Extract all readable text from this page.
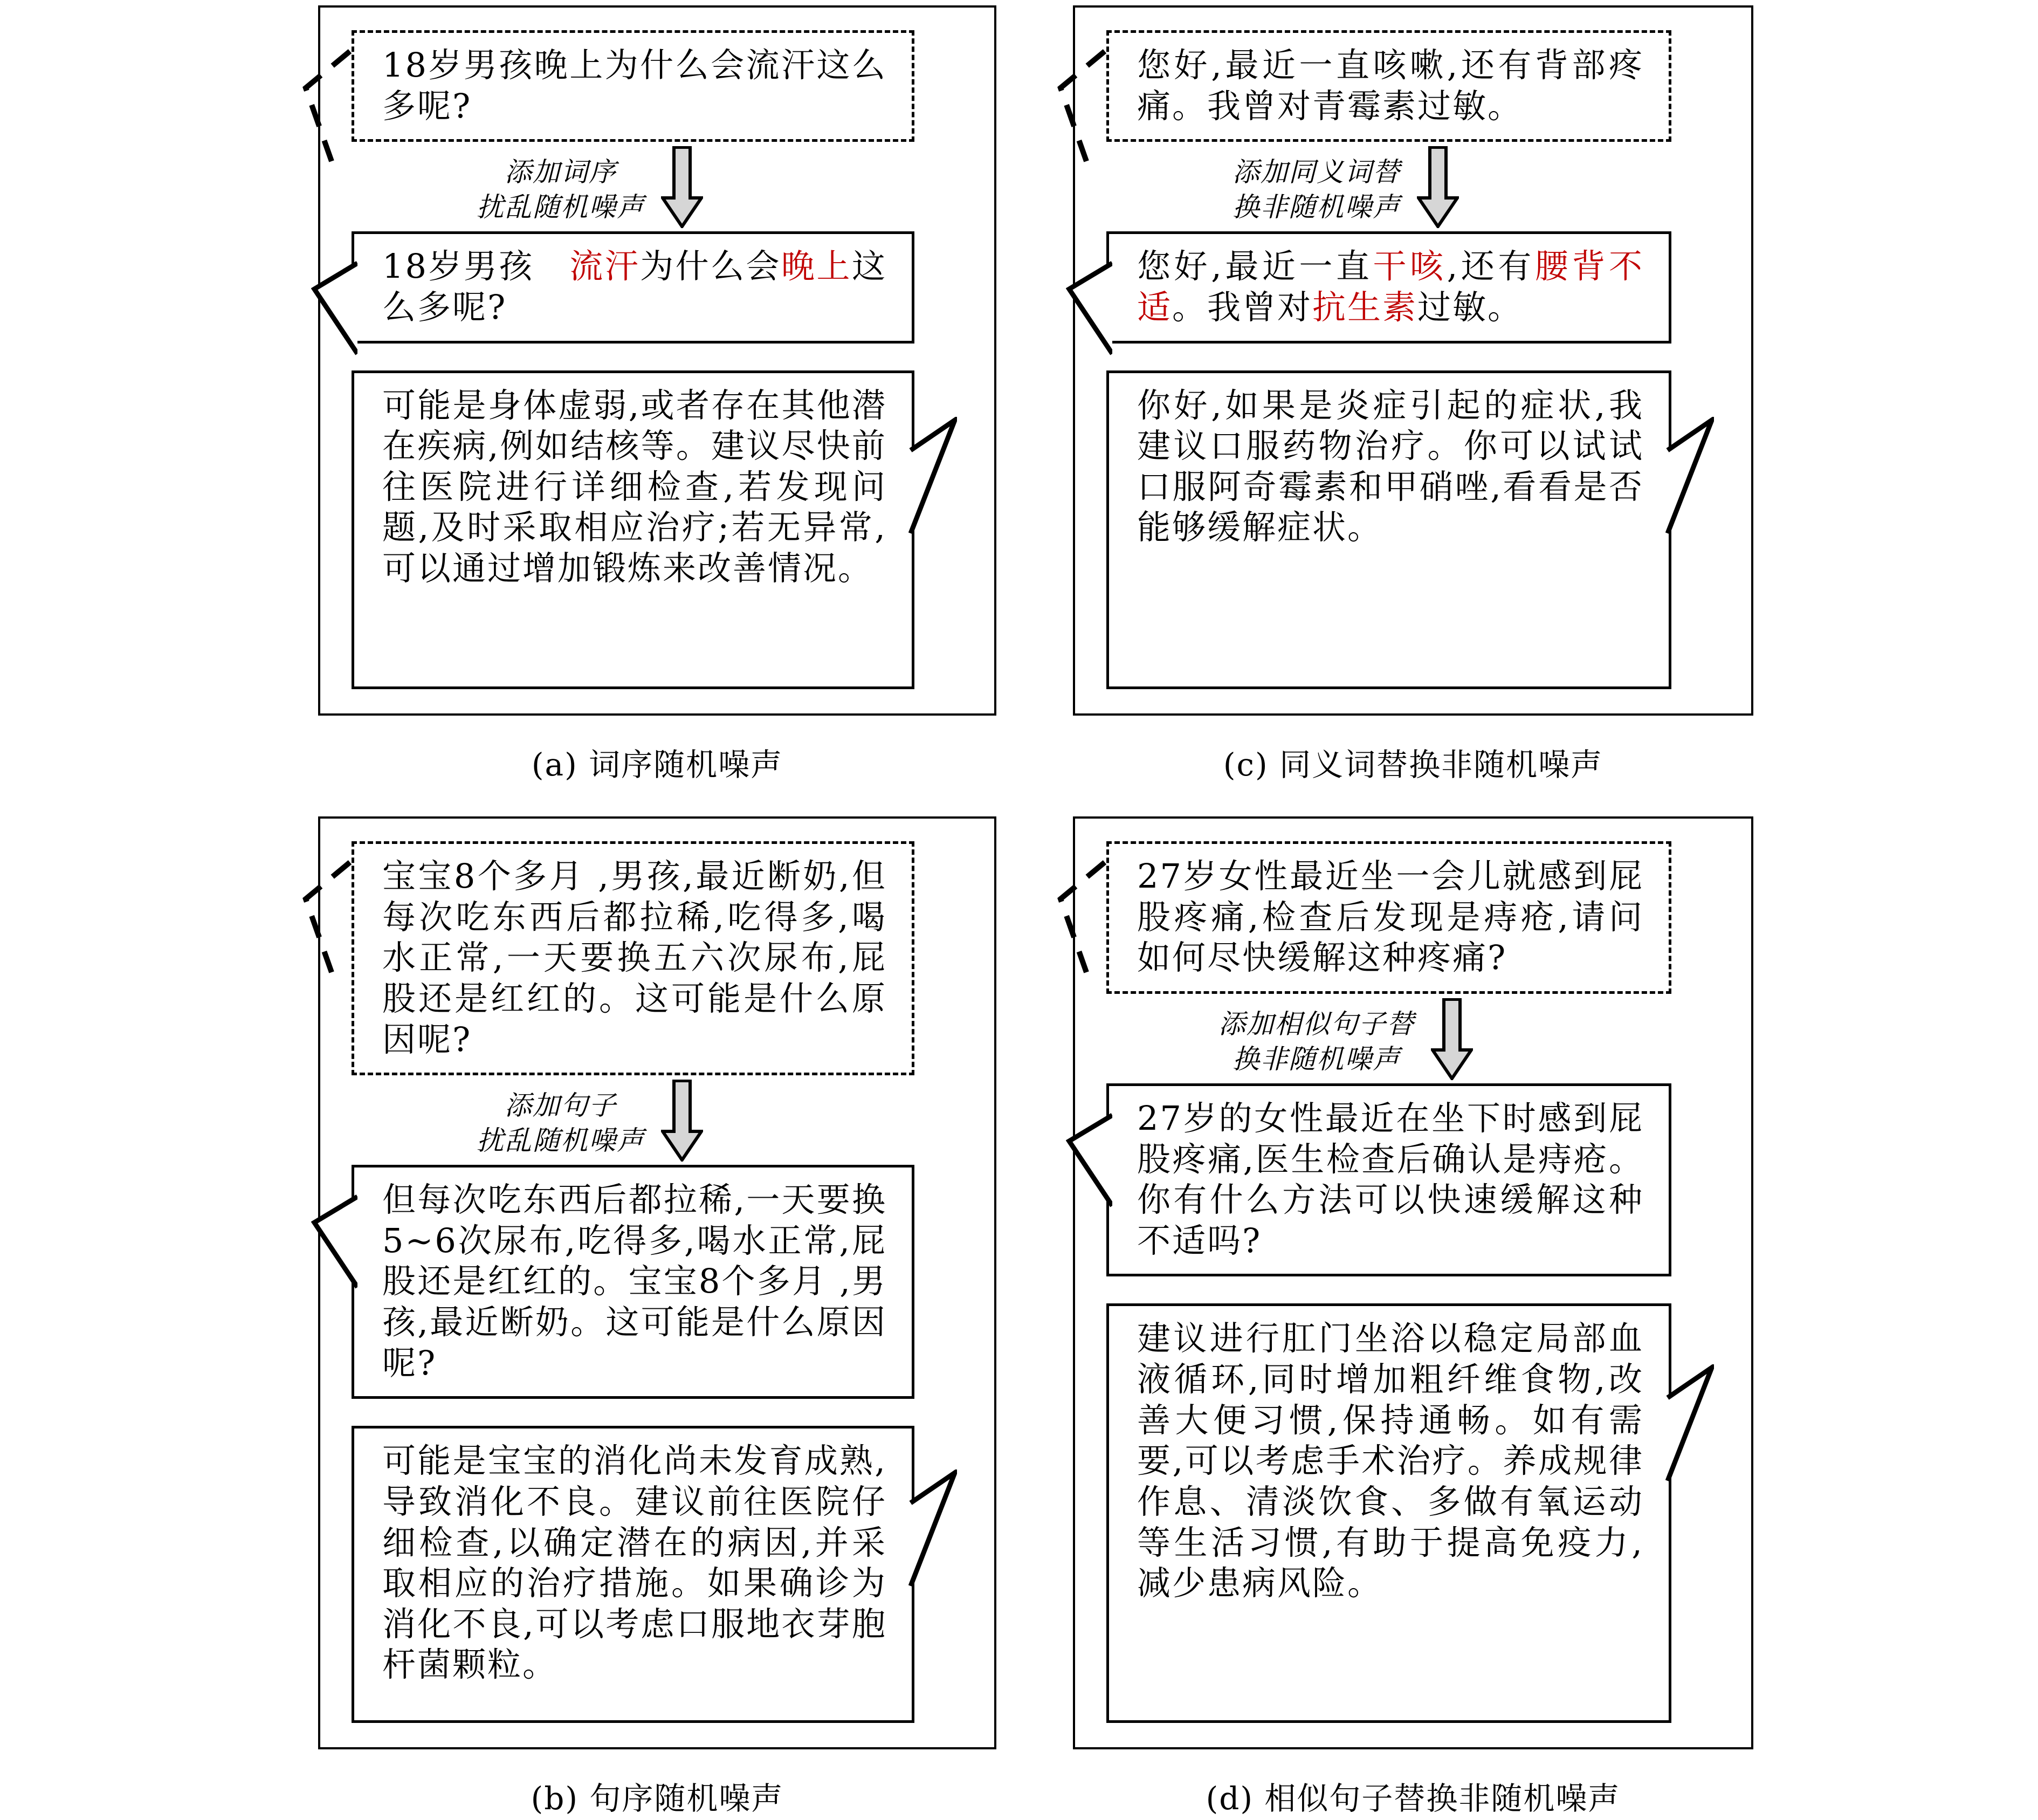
18岁男孩晚上为什么会流汗这么多呢?
添加词序
扰乱随机噪声
18岁男孩　流汗为什么会晚上这么多呢?
可能是身体虚弱,或者存在其他潜在疾病,例如结核等。建议尽快前往医院进行详细检查,若发现问题,及时采取相应治疗;若无异常,可以通过增加锻炼来改善情况。
(a) 词序随机噪声
您好,最近一直咳嗽,还有背部疼痛。我曾对青霉素过敏。
添加同义词替
换非随机噪声
您好,最近一直干咳,还有腰背不适。我曾对抗生素过敏。
你好,如果是炎症引起的症状,我建议口服药物治疗。你可以试试口服阿奇霉素和甲硝唑,看看是否能够缓解症状。
(c) 同义词替换非随机噪声
宝宝8个多月 ,男孩,最近断奶,但每次吃东西后都拉稀,吃得多,喝水正常,一天要换五六次尿布,屁股还是红红的。这可能是什么原因呢?
添加句子
扰乱随机噪声
但每次吃东西后都拉稀,一天要换5~6次尿布,吃得多,喝水正常,屁股还是红红的。宝宝8个多月 ,男孩,最近断奶。这可能是什么原因呢?
可能是宝宝的消化尚未发育成熟,导致消化不良。建议前往医院仔细检查,以确定潜在的病因,并采取相应的治疗措施。如果确诊为消化不良,可以考虑口服地衣芽胞杆菌颗粒。
(b) 句序随机噪声
27岁女性最近坐一会儿就感到屁股疼痛,检查后发现是痔疮,请问如何尽快缓解这种疼痛?
添加相似句子替
换非随机噪声
27岁的女性最近在坐下时感到屁股疼痛,医生检查后确认是痔疮。你有什么方法可以快速缓解这种不适吗?
建议进行肛门坐浴以稳定局部血液循环,同时增加粗纤维食物,改善大便习惯,保持通畅。如有需要,可以考虑手术治疗。养成规律作息、清淡饮食、多做有氧运动等生活习惯,有助于提高免疫力,减少患病风险。
(d) 相似句子替换非随机噪声
